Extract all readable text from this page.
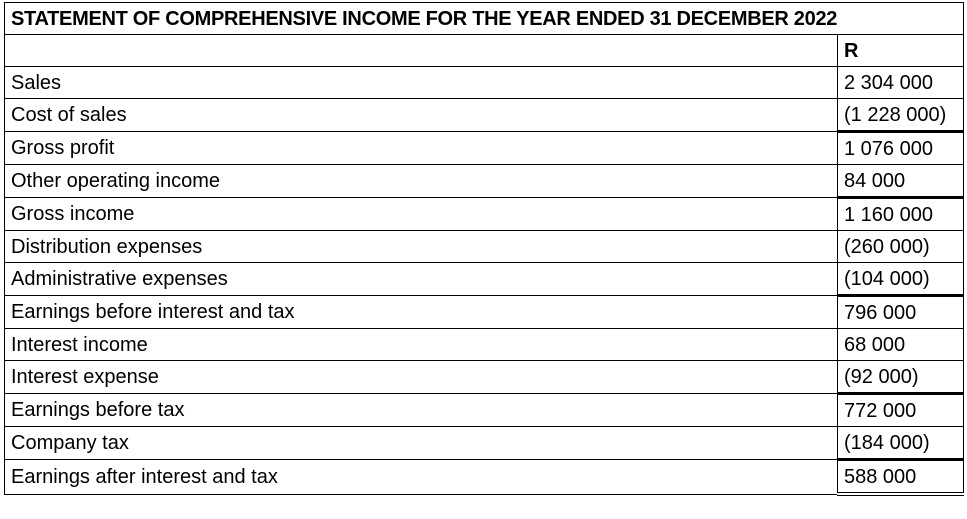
STATEMENT OF COMPREHENSIVE INCOME FOR THE YEAR ENDED 31 DECEMBER 2022	
	R
Sales	2 304 000
Cost of sales	(1 228 000)
Gross profit	1 076 000
Other operating income	84 000
Gross income	1 160 000
Distribution expenses	(260 000)
Administrative expenses	(104 000)
Earnings before interest and tax	796 000
Interest income	68 000
Interest expense	(92 000)
Earnings before tax	772 000
Company tax	(184 000)
Earnings after interest and tax	588 000
